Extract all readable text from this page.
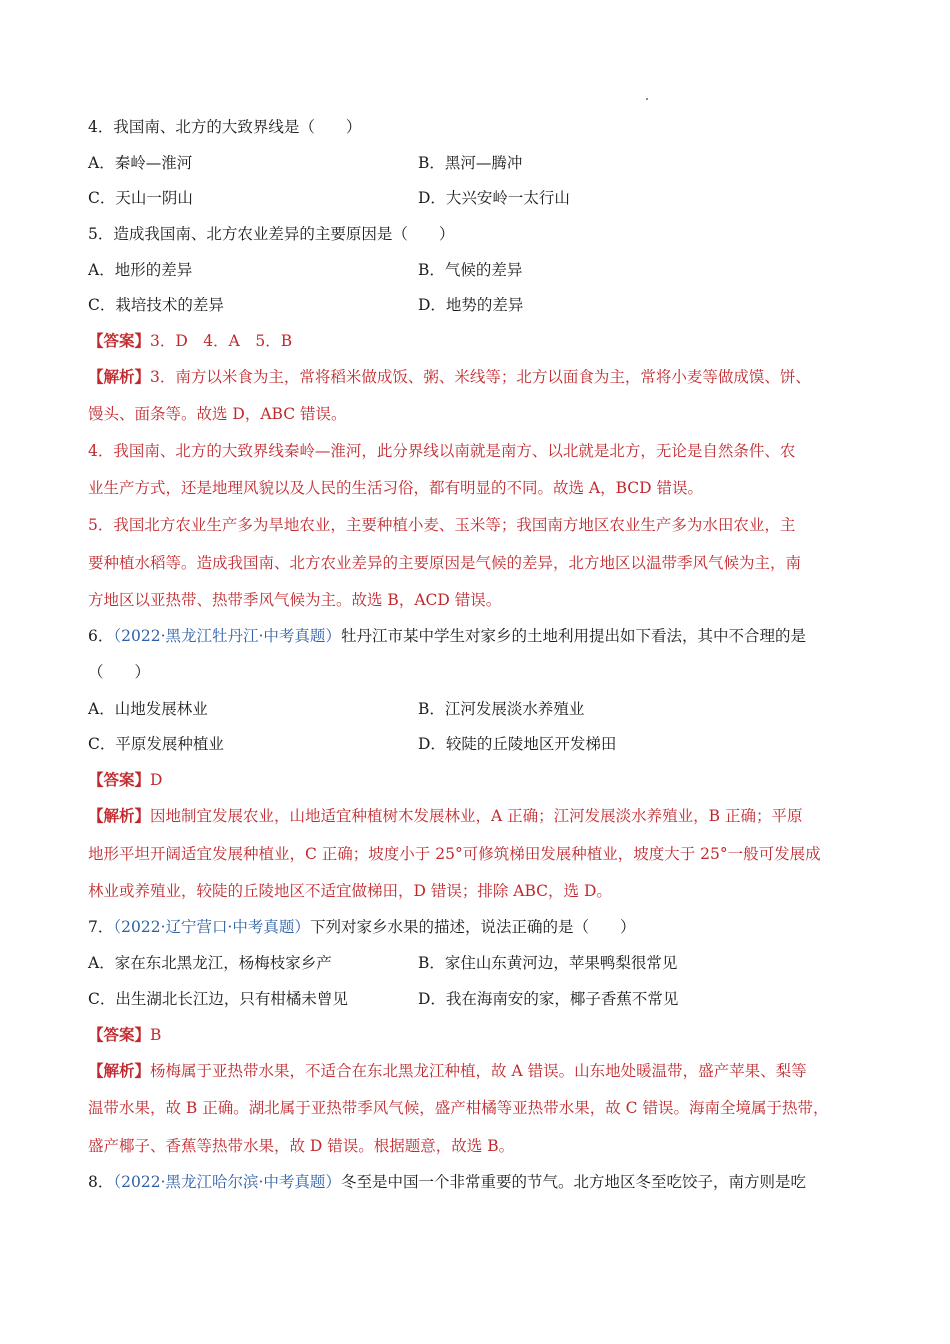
4．我国南、北方的大致界线是（　　）
A．秦岭—淮河	B．黑河—腾冲
C．天山一阴山	D．大兴安岭一太行山
5．造成我国南、北方农业差异的主要原因是（　　）
A．地形的差异	B．气候的差异
C．栽培技术的差异	D．地势的差异
【答案】3．D　4．A　5．B
【解析】3．南方以米食为主，常将稻米做成饭、粥、米线等；北方以面食为主，常将小麦等做成馍、饼、
馒头、面条等。故选 D，ABC 错误。
4．我国南、北方的大致界线秦岭—淮河，此分界线以南就是南方、以北就是北方，无论是自然条件、农
业生产方式，还是地理风貌以及人民的生活习俗，都有明显的不同。故选 A，BCD 错误。
5．我国北方农业生产多为旱地农业，主要种植小麦、玉米等；我国南方地区农业生产多为水田农业，主
要种植水稻等。造成我国南、北方农业差异的主要原因是气候的差异，北方地区以温带季风气候为主，南
方地区以亚热带、热带季风气候为主。故选 B，ACD 错误。
6．（2022·黑龙江牡丹江·中考真题）牡丹江市某中学生对家乡的土地利用提出如下看法，其中不合理的是
（　　）
A．山地发展林业	B．江河发展淡水养殖业
C．平原发展种植业	D．较陡的丘陵地区开发梯田
【答案】D
【解析】因地制宜发展农业，山地适宜种植树木发展林业，A 正确；江河发展淡水养殖业，B 正确；平原
地形平坦开阔适宜发展种植业，C 正确；坡度小于 25°可修筑梯田发展种植业，坡度大于 25°一般可发展成
林业或养殖业，较陡的丘陵地区不适宜做梯田，D 错误；排除 ABC，选 D。
7．（2022·辽宁营口·中考真题）下列对家乡水果的描述，说法正确的是（　　）
A．家在东北黑龙江，杨梅枝家乡产	B．家住山东黄河边，苹果鸭梨很常见
C．出生湖北长江边，只有柑橘未曾见	D．我在海南安的家，椰子香蕉不常见
【答案】B
【解析】杨梅属于亚热带水果，不适合在东北黑龙江种植，故 A 错误。山东地处暖温带，盛产苹果、梨等
温带水果，故 B 正确。湖北属于亚热带季风气候，盛产柑橘等亚热带水果，故 C 错误。海南全境属于热带，
盛产椰子、香蕉等热带水果，故 D 错误。根据题意，故选 B。
8．（2022·黑龙江哈尔滨·中考真题）冬至是中国一个非常重要的节气。北方地区冬至吃饺子，南方则是吃
